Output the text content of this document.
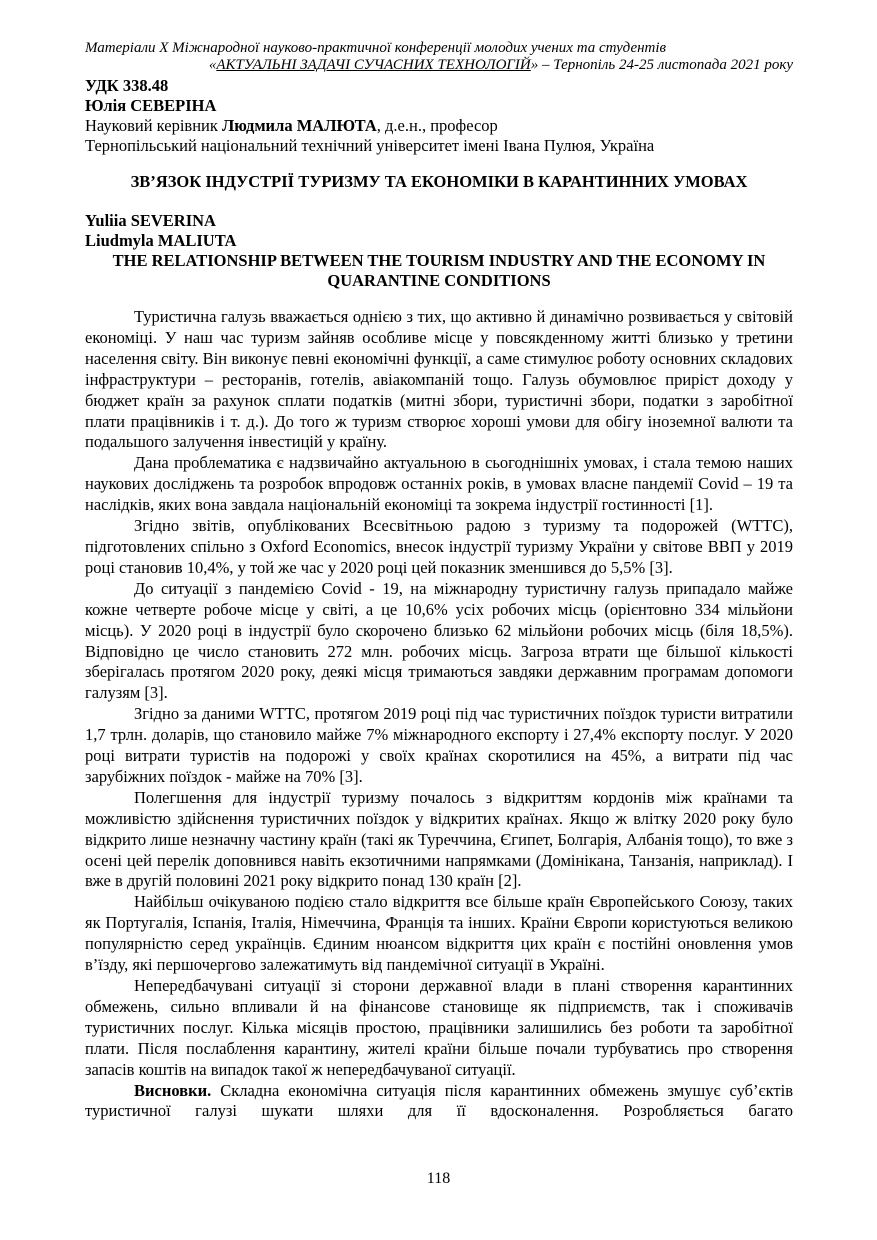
Матеріали Х Міжнародної науково-практичної конференції молодих учених та студентів
«АКТУАЛЬНІ ЗАДАЧІ СУЧАСНИХ ТЕХНОЛОГІЙ» – Тернопіль 24-25 листопада 2021 року
УДК 338.48
Юлія СЕВЕРІНА
Науковий керівник Людмила МАЛЮТА, д.е.н., професор
Тернопільський національний технічний університет імені Івана Пулюя, Україна
ЗВ’ЯЗОК ІНДУСТРІЇ ТУРИЗМУ ТА ЕКОНОМІКИ В КАРАНТИННИХ УМОВАХ
Yuliia SEVERINA
Liudmyla MALIUTA
THE RELATIONSHIP BETWEEN THE TOURISM INDUSTRY AND THE ECONOMY IN
QUARANTINE CONDITIONS

Туристична галузь вважається однією з тих, що активно й динамічно розвивається у світовій економіці. У наш час туризм зайняв особливе місце у повсякденному житті близько у третини населення світу. Він виконує певні економічні функції, а саме стимулює роботу основних складових інфраструктури – ресторанів, готелів, авіакомпаній тощо. Галузь обумовлює приріст доходу у бюджет країн за рахунок сплати податків (митні збори, туристичні збори, податки з заробітної плати працівників і т. д.). До того ж туризм створює хороші умови для обігу іноземної валюти та подальшого залучення інвестицій у країну.

Дана проблематика є надзвичайно актуальною в сьогоднішніх умовах, і стала темою наших наукових досліджень та розробок впродовж останніх років, в умовах власне пандемії Covid – 19 та наслідків, яких вона завдала національній економіці та зокрема індустрії гостинності [1].

Згідно звітів, опублікованих Всесвітньою радою з туризму та подорожей (WTTC), підготовлених спільно з Oxford Economics, внесок індустрії туризму України у світове ВВП у 2019 році становив 10,4%, у той же час у 2020 році цей показник зменшився до 5,5% [3].

До ситуації з пандемією Covid - 19, на міжнародну туристичну галузь припадало майже кожне четверте робоче місце у світі, а це 10,6% усіх робочих місць (орієнтовно 334 мільйони місць). У 2020 році в індустрії було скорочено близько 62 мільйони робочих місць (біля 18,5%). Відповідно це число становить 272 млн. робочих місць. Загроза втрати ще більшої кількості зберігалась протягом 2020 року, деякі місця тримаються завдяки державним програмам допомоги галузям [3].

Згідно за даними WTTC, протягом 2019 році під час туристичних поїздок туристи витратили 1,7 трлн. доларів, що становило майже 7% міжнародного експорту і 27,4% експорту послуг. У 2020 році витрати туристів на подорожі у своїх країнах скоротилися на 45%, а витрати під час зарубіжних поїздок - майже на 70% [3].

Полегшення для індустрії туризму почалось з відкриттям кордонів між країнами та можливістю здійснення туристичних поїздок у відкритих країнах. Якщо ж влітку 2020 року було відкрито лише незначну частину країн (такі як Туреччина, Єгипет, Болгарія, Албанія тощо), то вже з осені цей перелік доповнився навіть екзотичними напрямками (Домінікана, Танзанія, наприклад). І вже в другій половині 2021 року відкрито понад 130 країн [2].

Найбільш очікуваною подією стало відкриття все більше країн Європейського Союзу, таких як Португалія, Іспанія, Італія, Німеччина, Франція та інших. Країни Європи користуються великою популярністю серед українців. Єдиним нюансом відкриття цих країн є постійні оновлення умов в’їзду, які першочергово залежатимуть від пандемічної ситуації в Україні.

Непередбачувані ситуації зі сторони державної влади в плані створення карантинних обмежень, сильно впливали й на фінансове становище як підприємств, так і споживачів туристичних послуг. Кілька місяців простою, працівники залишились без роботи та заробітної плати. Після послаблення карантину, жителі країни більше почали турбуватись про створення запасів коштів на випадок такої ж непередбачуваної ситуації.

Висновки. Складна економічна ситуація після карантинних обмежень змушує суб’єктів туристичної галузі шукати шляхи для її вдосконалення. Розробляється багато

118
